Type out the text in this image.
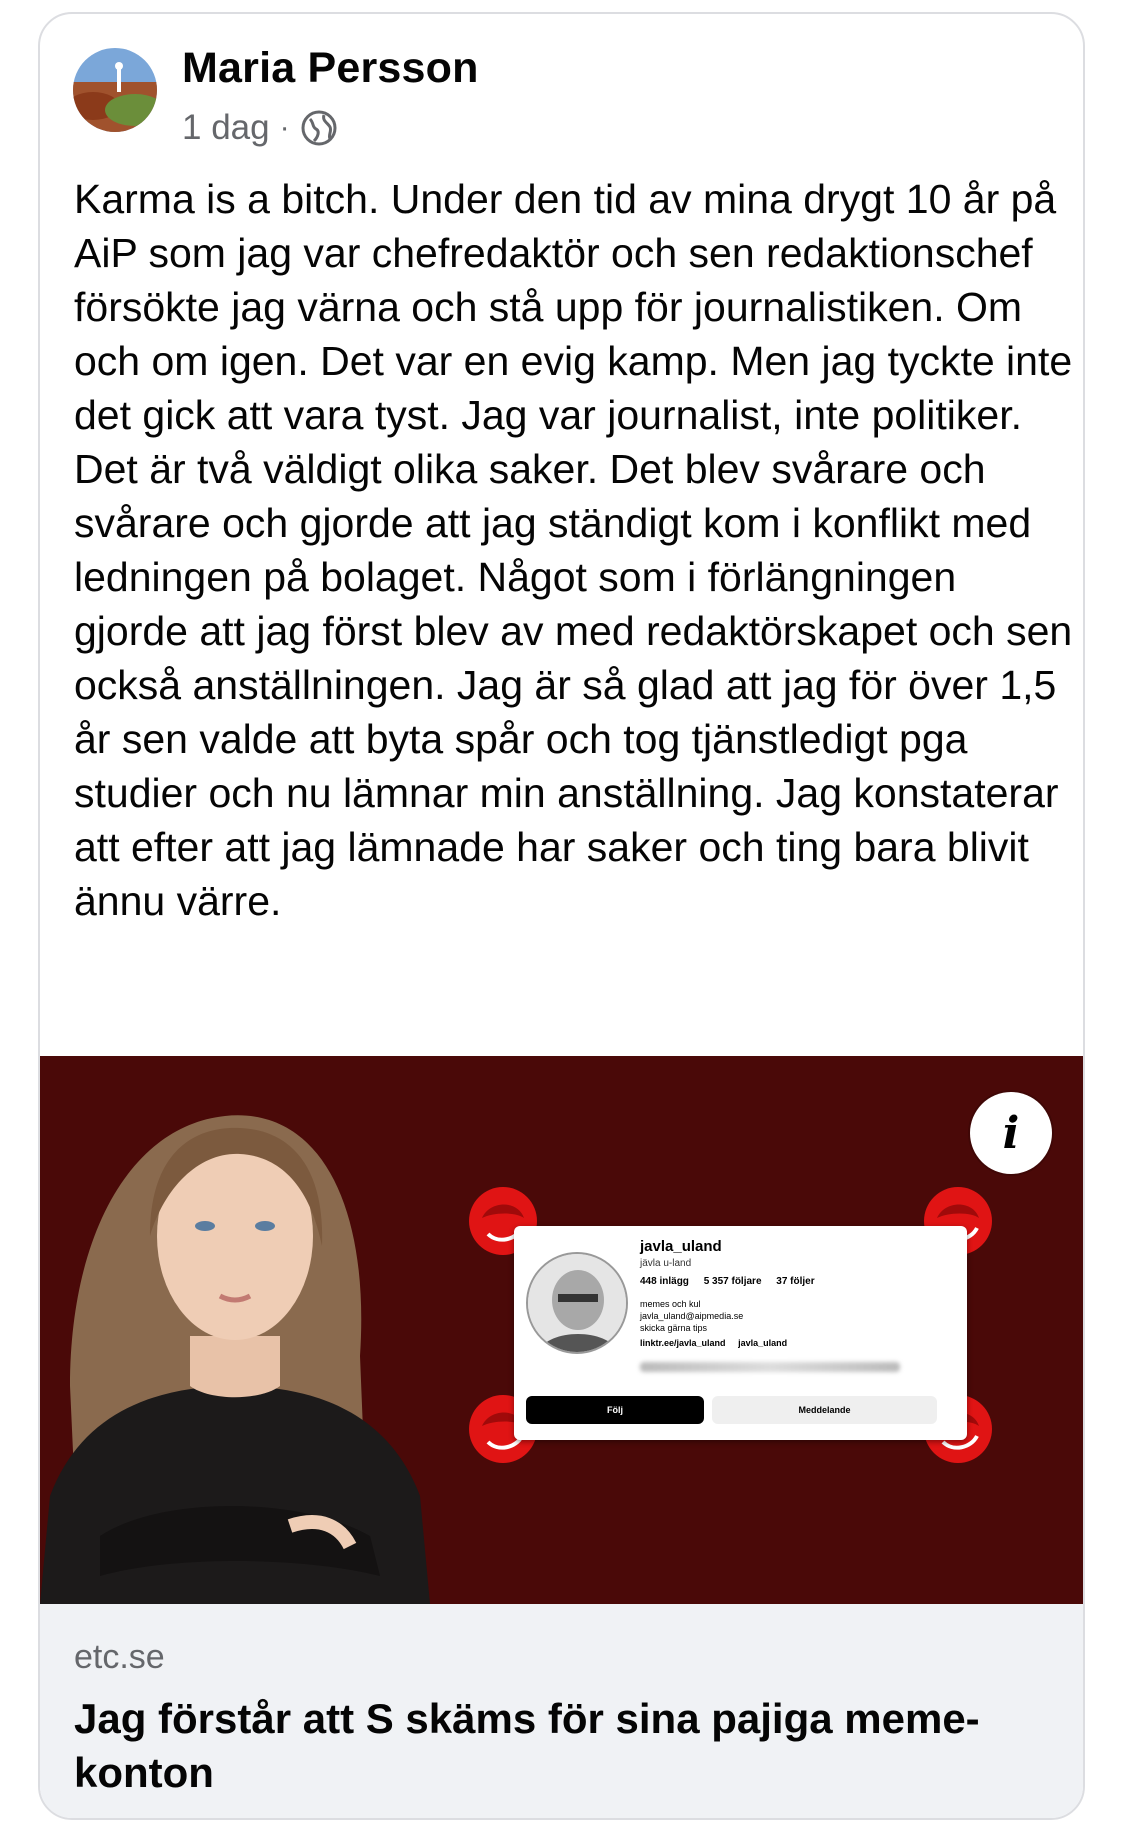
Maria Persson
1 dag ·

Karma is a bitch. Under den tid av mina drygt 10 år på AiP som jag var chefredaktör och sen redaktionschef försökte jag värna och stå upp för journalistiken. Om och om igen. Det var en evig kamp. Men jag tyckte inte det gick att vara tyst. Jag var journalist, inte politiker. Det är två väldigt olika saker. Det blev svårare och svårare och gjorde att jag ständigt kom i konflikt med ledningen på bolaget. Något som i förlängningen gjorde att jag först blev av med redaktörskapet och sen också anställningen. Jag är så glad att jag för över 1,5 år sen valde att byta spår och tog tjänstledigt pga studier och nu lämnar min anställning. Jag konstaterar att efter att jag lämnade har saker och ting bara blivit ännu värre.

i
javla_uland
jävla u-land
448 inlägg 5 357 följare 37 följer
memes och kul
javla_uland@aipmedia.se
skicka gärna tips
linktr.ee/javla_uland javla_uland
Följ	Meddelande
etc.se

Jag förstår att S skäms för sina pajiga meme-konton
